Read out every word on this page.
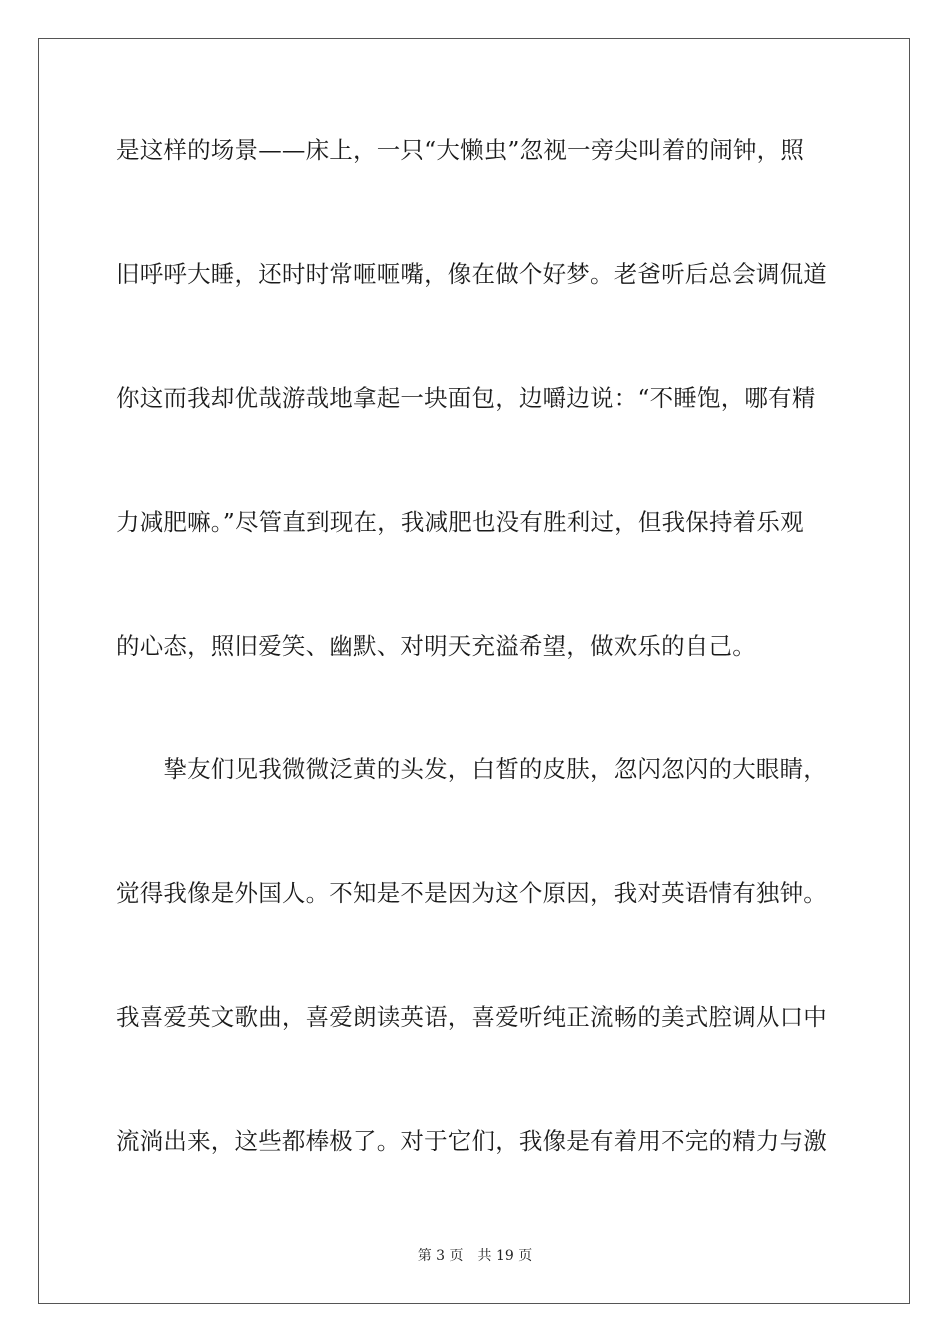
是这样的场景——床上，一只“大懒虫”忽视一旁尖叫着的闹钟，照
旧呼呼大睡，还时时常咂咂嘴，像在做个好梦。老爸听后总会调侃道
你这而我却优哉游哉地拿起一块面包，边嚼边说：“不睡饱，哪有精
力减肥嘛。”尽管直到现在，我减肥也没有胜利过，但我保持着乐观
的心态，照旧爱笑、幽默、对明天充溢希望，做欢乐的自己。
　　挚友们见我微微泛黄的头发，白皙的皮肤，忽闪忽闪的大眼睛，
觉得我像是外国人。不知是不是因为这个原因，我对英语情有独钟。
我喜爱英文歌曲，喜爱朗读英语，喜爱听纯正流畅的美式腔调从口中
流淌出来，这些都棒极了。对于它们，我像是有着用不完的精力与激
第 3 页　共 19 页
